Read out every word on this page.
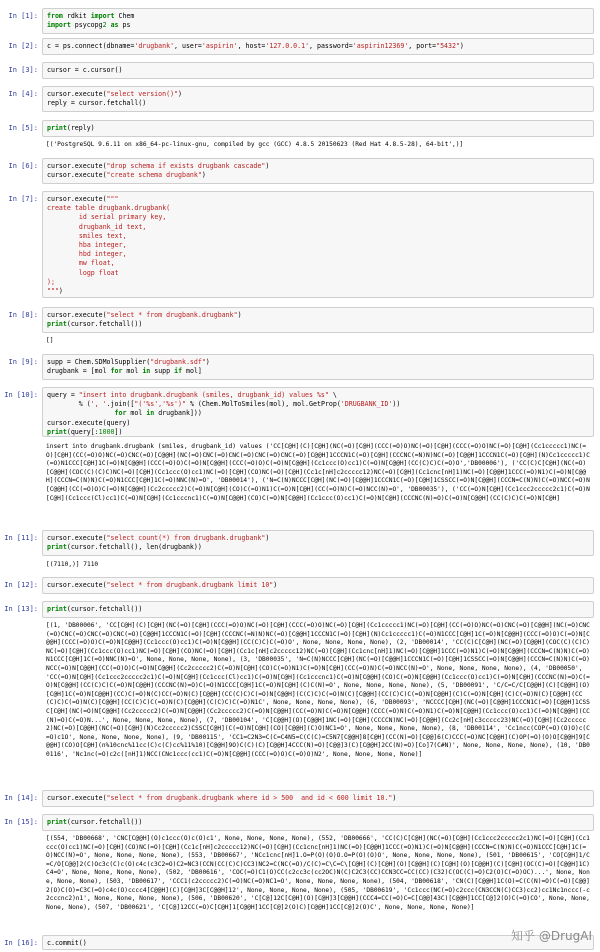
In [1]: from rdkit import Chem
import psycopg2 as ps
In [2]: c = ps.connect(dbname='drugbank', user='aspirin', host='127.0.0.1', password='aspirin12369', port="5432")
In [3]: cursor = c.cursor()
In [4]: cursor.execute("select version()")
reply = cursor.fetchall()
In [5]: print(reply)
In [6]: cursor.execute("drop schema if exists drugbank cascade")
cursor.execute("create schema drugbank")
In [7]: cursor.execute("""
create table drugbank.drugbank(
id serial primary key,
drugbank_id text,
smiles text,
hba integer,
hbd integer,
mw float,
logp float
);
""")
In [8]: cursor.execute("select * from drugbank.drugbank")
print(cursor.fetchall())
In [9]: supp = Chem.SDMolSupplier("drugbank.sdf")
drugbank = [mol for mol in supp if mol]
In [10]: query = "insert into drugbank.drugbank (smiles, drugbank_id) values %s" \
% (', '.join(["('%s','%s')" % (Chem.MolToSmiles(mol), mol.GetProp('DRUGBANK_ID'))
for mol in drugbank]))
cursor.execute(query)
print(query[:1000])
In [11]: cursor.execute("select count(*) from drugbank.drugbank")
print(cursor.fetchall(), len(drugbank))
In [12]: cursor.execute("select * from drugbank.drugbank limit 10")
In [13]: print(cursor.fetchall())
In [14]: cursor.execute("select * from drugbank.drugbank where id > 500  and id < 600 limit 10.")
In [15]: print(cursor.fetchall())
In [16]: c.commit()
[('PostgreSQL 9.6.11 on x86_64-pc-linux-gnu, compiled by gcc (GCC) 4.8.5 20150623 (Red Hat 4.8.5-28), 64-bit',)]
[]
insert into drugbank.drugbank (smiles, drugbank_id) values ('CC[C@H](C)[C@H](NC(=O)[C@H](CCC(=O)O)NC(=O)[C@H](CCC(=O)O)NC(=O)[C@H](Cc1ccccc1)NC(=O)[C@H](CC(=O)O)NC(=O)CNC(=O)[C@@H](NC(=O)CNC(=O)CNC(=O)CNC(=O)CNC(=O)[C@@H]1CCCN1C(=O)[C@H](CCCNC(=N)N)NC(=O)[C@@H]1CCCN1C(=O)[C@H](N)Cc1ccccc1)C(=O)N1CCC[C@H]1C(=O)N[C@@H](CCC(=O)O)C(=O)N[C@@H](CCC(=O)O)C(=O)N[C@@H](Cc1ccc(O)cc1)C(=O)N[C@@H](CC(C)C)C(=O)O','DB00006'), ('CC(C)C[C@H](NC(=O)[C@@H](COC(C)(C)C)NC(=O)[C@H](Cc1ccc(O)cc1)NC(=O)[C@H](CO)NC(=O)[C@H](Cc1c[nH]c2ccccc12)NC(=O)[C@H](Cc1cnc[nH]1)NC(=O)[C@@H]1CCC(=O)N1)C(=O)N[C@@H](CCCN=C(N)N)C(=O)N1CCC[C@H]1C(=O)NNC(N)=O', 'DB00014'), ('N=C(N)NCCC[C@H](NC(=O)[C@@H]1CCCN1C(=O)[C@H]1CSSCC(=O)N[C@@H](CCCN=C(N)N)C(=O)NCC(=O)N[C@@H](CC(=O)O)C(=O)N[C@@H](Cc2ccccc2)C(=O)N[C@H](CO)C(=O)N1)C(=O)N[C@H](CC(=O)N)C(=O)NCC(N)=O', 'DB00035'), ('CC(=O)N[C@H](Cc1ccc2ccccc2c1)C(=O)N[C@H](Cc1ccc(Cl)cc1)C(=O)N[C@H](Cc1cccnc1)C(=O)N[C@@H](CO)C(=O)N[C@@H](Cc1ccc(O)cc1)C(=O)N[C@H](CCCNC(N)=O)C(=O)N[C@@H](CC(C)C)C(=O)N[C@H]
[(7110,)] 7110
[(1, 'DB00006', 'CC[C@H](C)[C@H](NC(=O)[C@H](CCC(=O)O)NC(=O)[C@H](CCC(=O)O)NC(=O)[C@H](Cc1ccccc1)NC(=O)[C@H](CC(=O)O)NC(=O)CNC(=O)[C@@H](NC(=O)CNC(=O)CNC(=O)CNC(=O)CNC(=O)[C@@H]1CCCN1C(=O)[C@H](CCCNC(=N)N)NC(=O)[C@@H]1CCCN1C(=O)[C@H](N)Cc1ccccc1)C(=O)N1CCC[C@H]1C(=O)N[C@@H](CCC(=O)O)C(=O)N[C@@H](CCC(=O)O)C(=O)N[C@@H](Cc1ccc(O)cc1)C(=O)N[C@@H](CC(C)C)C(=O)O', None, None, None, None), (2, 'DB00014', 'CC(C)C[C@H](NC(=O)[C@@H](COC(C)(C)C)NC(=O)[C@H](Cc1ccc(O)cc1)NC(=O)[C@H](CO)NC(=O)[C@H](Cc1c[nH]c2ccccc12)NC(=O)[C@H](Cc1cnc[nH]1)NC(=O)[C@@H]1CCC(=O)N1)C(=O)N[C@@H](CCCN=C(N)N)C(=O)N1CCC[C@H]1C(=O)NNC(N)=O', None, None, None, None), (3, 'DB00035', 'N=C(N)NCCC[C@H](NC(=O)[C@@H]1CCCN1C(=O)[C@H]1CSSCC(=O)N[C@@H](CCCN=C(N)N)C(=O)NCC(=O)N[C@@H](CC(=O)O)C(=O)N[C@@H](Cc2ccccc2)C(=O)N[C@H](CO)C(=O)N1)C(=O)N[C@H](CC(=O)N)C(=O)NCC(N)=O', None, None, None, None), (4, 'DB00050', 'CC(=O)N[C@H](Cc1ccc2ccccc2c1)C(=O)N[C@H](Cc1ccc(Cl)cc1)C(=O)N[C@H](Cc1cccnc1)C(=O)N[C@@H](CO)C(=O)N[C@@H](Cc1ccc(O)cc1)C(=O)N[C@H](CCCNC(N)=O)C(=O)N[C@@H](CC(C)C)C(=O)N[C@@H](CCCNC(N)=O)C(=O)N1CCC[C@H]1C(=O)N[C@H](C)C(N)=O', None, None, None, None), (5, 'DB00091', 'C/C=C/C[C@@H](C)[C@@H](O)[C@H]1C(=O)N[C@@H](CC)C(=O)N(C)CC(=O)N(C)[C@@H](CC(C)C)C(=O)N[C@@H](C(C)C)C(=O)N(C)[C@@H](CC(C)C)C(=O)N[C@@H](C)C(=O)N[C@H](C)C(=O)N(C)[C@@H](CC(C)C)C(=O)N(C)[C@@H](CC(C)C)C(=O)N(C)[C@@H](C(C)C)C(=O)N1C', None, None, None, None), (6, 'DB00093', 'NCCCC[C@H](NC(=O)[C@@H]1CCCN1C(=O)[C@@H]1CSSC[C@H](NC(=O)N[C@@H](Cc2ccccc2)C(=O)N[C@@H](Cc2ccccc2)C(=O)N[C@@H](CC(=O)N)C(=O)N[C@@H](CCC(=O)N)C(=O)N1)C(=O)N[C@@H](Cc1ccc(O)cc1)C(=O)N[C@@H](CC(N)=O)C(=O)N...', None, None, None, None), (7, 'DB00104', 'C[C@@H](O)[C@@H]1NC(=O)[C@H](CCCCN)NC(=O)[C@@H](Cc2c[nH]c3ccccc23)NC(=O)[C@H](Cc2ccccc2)NC(=O)[C@@H](NC(=O)[C@H](N)Cc2ccccc2)CSSC[C@H](C(=O)N[C@H](CO)[C@@H](C)O)NC1=O', None, None, None, None), (8, 'DB00114', 'Cc1ncc(COP(=O)(O)O)c(C=O)c1O', None, None, None, None), (9, 'DB00115', 'CC1=C2N3=C(C=C4N5=C(C(C)=C5N7[C@@H]8[C@H](CC(N)=O)[C@@]6(C)CCC(=O)NC[C@@H](C)OP(=O)(O)O[C@@H]9[C@@H](CO)O[C@H](n%10cnc%11cc(C)c(C)cc%11%10)[C@@H]9O)C(C)(C)[C@@H]4CCC(N)=O)[C@@]3(C)[C@@H]2CC(N)=O)[Co]7(C#N)', None, None, None, None), (10, 'DB00116', 'Nc1nc(=O)c2c([nH]1)NCC(CNc1ccc(cc1)C(=O)N[C@@H](CCC(=O)O)C(=O)O)N2', None, None, None, None)]
[(554, 'DB00668', 'CNC[C@@H](O)c1ccc(O)c(O)c1', None, None, None, None), (552, 'DB00666', 'CC(C)C[C@H](NC(=O)[C@H](Cc1ccc2ccccc2c1)NC(=O)[C@H](Cc1ccc(O)cc1)NC(=O)[C@H](CO)NC(=O)[C@H](Cc1c[nH]c2ccccc12)NC(=O)[C@H](Cc1cnc[nH]1)NC(=O)[C@@H]1CCC(=O)N1)C(=O)N[C@@H](CCCN=C(N)N)C(=O)N1CCC[C@H]1C(=O)NCC(N)=O', None, None, None, None), (553, 'DB00667', 'NCc1cnc[nH]1.O=P(O)(O)O.O=P(O)(O)O', None, None, None, None), (501, 'DB00615', 'CO[C@H]1/C=C/O[C@@]2(C)Oc3c(C)c(O)c4c(c3C2=O)C2=NC3(CCN(CC(C)C)CC3)NC2=C(NC(=O)/C(C)=C\C=C\[C@H](C)[C@H](O)[C@@H](C)[C@H](O)[C@@H](C)[C@H](OC(C)=O)[C@@H]1C)C4=O', None, None, None, None), (502, 'DB00616', 'COC(=O)C1(O)CC(c2cc3c(cc2OC)N(C)C2C3(CC)CCN3CC=CC(CC)(C32)C(OC(C)=O)C2(O)C(=O)OC)...', None, None, None, None), (503, 'DB00617', 'CCC1(c2ccccc2)C(=O)NC(=O)NC1=O', None, None, None, None), (504, 'DB00618', 'CN(C)[C@@H]1C(O)=C(C(N)=O)C(=O)[C@@]2(O)C(O)=C3C(=O)c4c(O)cccc4[C@@H](C)[C@H]3C[C@@H]12', None, None, None, None), (505, 'DB00619', 'Cc1ccc(NC(=O)c2ccc(CN3CCN(C)CC3)cc2)cc1Nc1nccc(-c2cccnc2)n1', None, None, None, None), (506, 'DB00620', 'C[C@]12C[C@H](O)[C@H]3[C@@H](CCC4=CC(=O)C=C[C@@]43C)[C@@H]1CC[C@]2(O)C(=O)CO', None, None, None, None), (507, 'DB00621', 'C[C@]12CC(=O)C[C@H]1[C@@H]1CC[C@]2(O)C)[C@@H]1CC[C@]2(O)C', None, None, None, None)]
知乎 @DrugAI
